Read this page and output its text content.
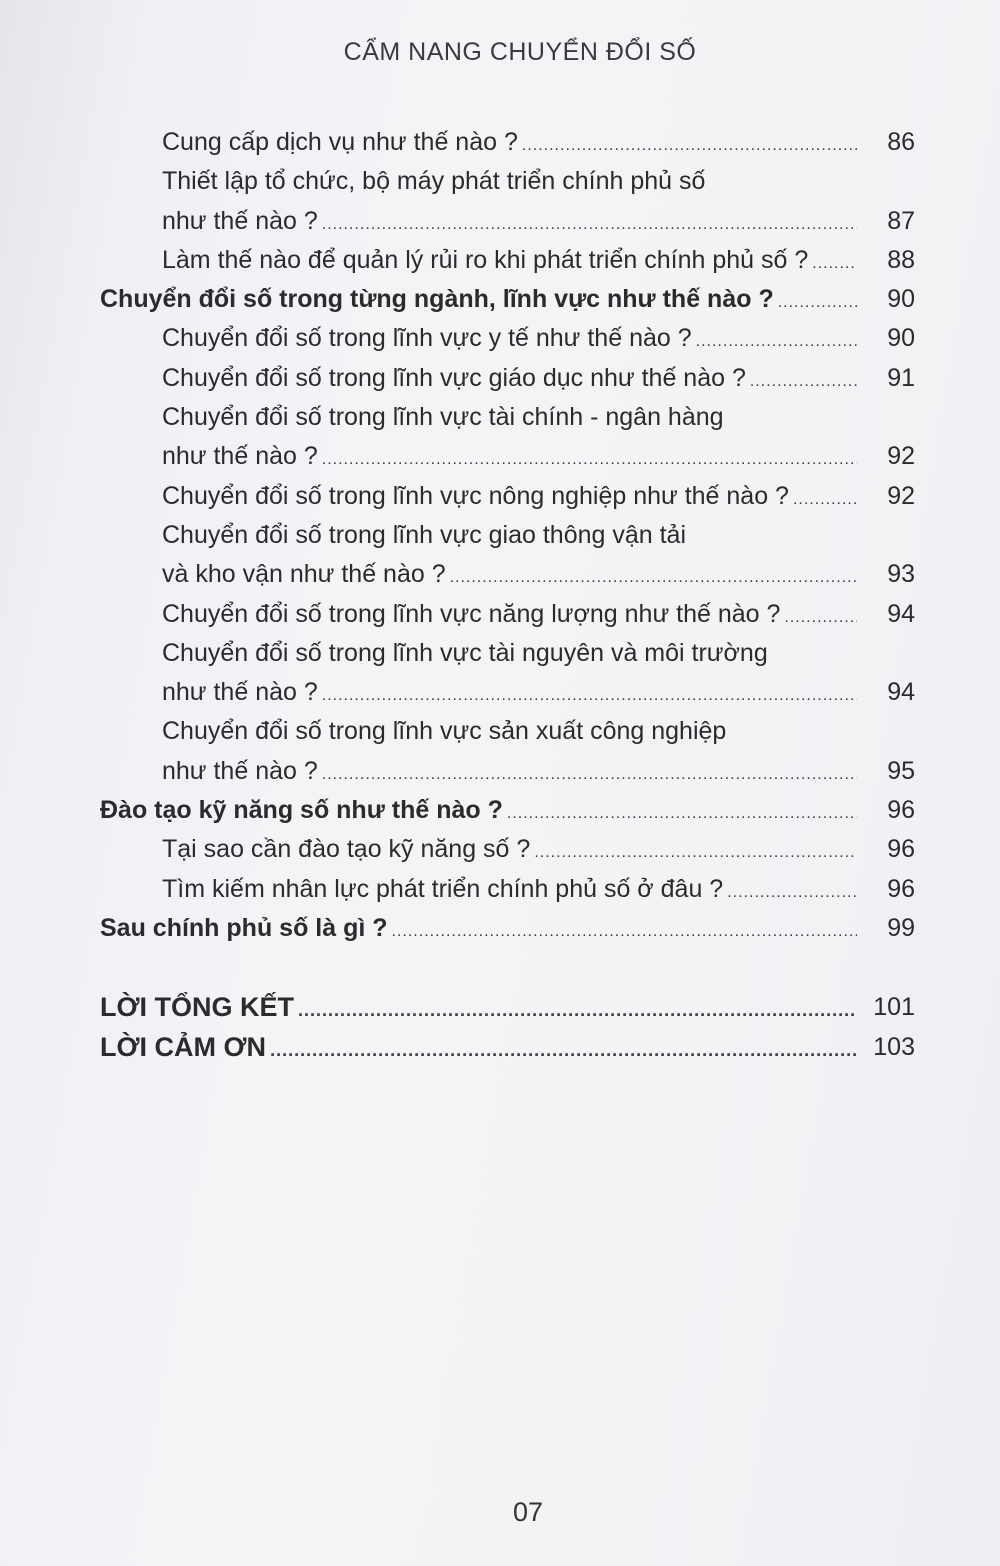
CẨM NANG CHUYỂN ĐỔI SỐ
Cung cấp dịch vụ như thế nào ? .....	86
Thiết lập tổ chức, bộ máy phát triển chính phủ số
như thế nào ? .....	87
Làm thế nào để quản lý rủi ro khi phát triển chính phủ số ? .....	88
Chuyển đổi số trong từng ngành, lĩnh vực như thế nào ? .....	90
Chuyển đổi số trong lĩnh vực y tế như thế nào ? .....	90
Chuyển đổi số trong lĩnh vực giáo dục như thế nào ? .....	91
Chuyển đổi số trong lĩnh vực tài chính - ngân hàng
như thế nào ? .....	92
Chuyển đổi số trong lĩnh vực nông nghiệp như thế nào ? .....	92
Chuyển đổi số trong lĩnh vực giao thông vận tải
và kho vận như thế nào ? .....	93
Chuyển đổi số trong lĩnh vực năng lượng như thế nào ? .....	94
Chuyển đổi số trong lĩnh vực tài nguyên và môi trường
như thế nào ? .....	94
Chuyển đổi số trong lĩnh vực sản xuất công nghiệp
như thế nào ? .....	95
Đào tạo kỹ năng số như thế nào ? .....	96
Tại sao cần đào tạo kỹ năng số ? .....	96
Tìm kiếm nhân lực phát triển chính phủ số ở đâu ? .....	96
Sau chính phủ số là gì ? .....	99
LỜI TỔNG KẾT .....	101
LỜI CẢM ƠN .....	103
07
